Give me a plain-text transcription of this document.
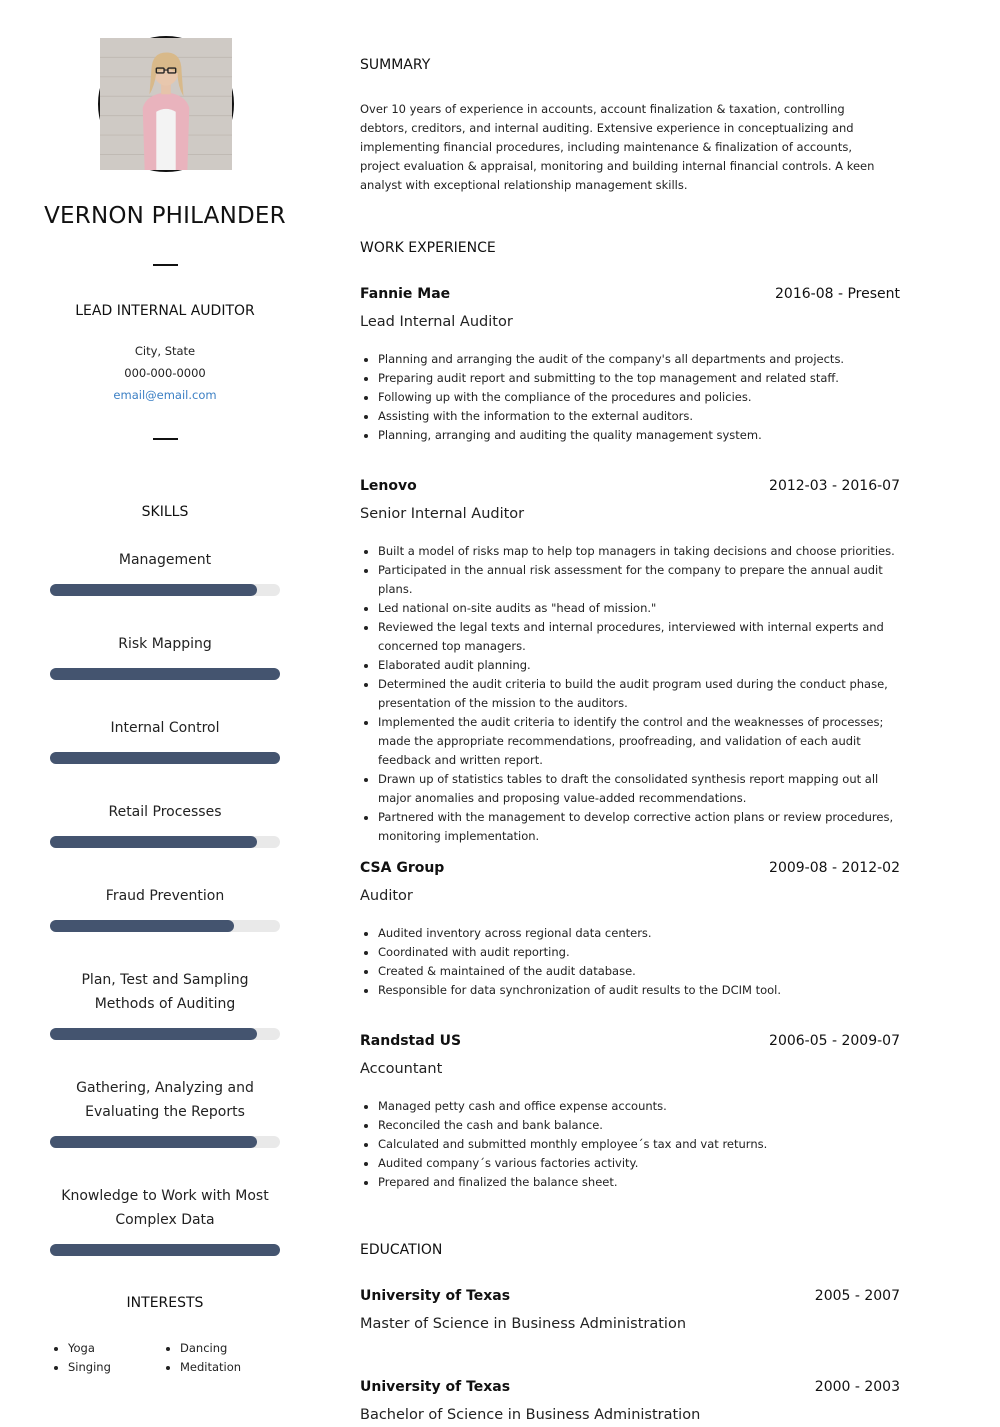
VERNON PHILANDER
LEAD INTERNAL AUDITOR
City, State
000-000-0000
email@email.com
SKILLS
Management
Risk Mapping
Internal Control
Retail Processes
Fraud Prevention
Plan, Test and Sampling Methods of Auditing
Gathering, Analyzing and Evaluating the Reports
Knowledge to Work with Most Complex Data
INTERESTS
Yoga
Singing
Dancing
Meditation
SUMMARY

Over 10 years of experience in accounts, account finalization & taxation, controlling debtors, creditors, and internal auditing. Extensive experience in conceptualizing and implementing financial procedures, including maintenance & finalization of accounts, project evaluation & appraisal, monitoring and building internal financial controls. A keen analyst with exceptional relationship management skills.

WORK EXPERIENCE
Fannie Mae	2016-08 - Present
Lead Internal Auditor
Planning and arranging the audit of the company's all departments and projects.
Preparing audit report and submitting to the top management and related staff.
Following up with the compliance of the procedures and policies.
Assisting with the information to the external auditors.
Planning, arranging and auditing the quality management system.
Lenovo	2012-03 - 2016-07
Senior Internal Auditor
Built a model of risks map to help top managers in taking decisions and choose priorities.
Participated in the annual risk assessment for the company to prepare the annual audit plans.
Led national on-site audits as "head of mission."
Reviewed the legal texts and internal procedures, interviewed with internal experts and concerned top managers.
Elaborated audit planning.
Determined the audit criteria to build the audit program used during the conduct phase, presentation of the mission to the auditors.
Implemented the audit criteria to identify the control and the weaknesses of processes; made the appropriate recommendations, proofreading, and validation of each audit feedback and written report.
Drawn up of statistics tables to draft the consolidated synthesis report mapping out all major anomalies and proposing value-added recommendations.
Partnered with the management to develop corrective action plans or review procedures, monitoring implementation.
CSA Group	2009-08 - 2012-02
Auditor
Audited inventory across regional data centers.
Coordinated with audit reporting.
Created & maintained of the audit database.
Responsible for data synchronization of audit results to the DCIM tool.
Randstad US	2006-05 - 2009-07
Accountant
Managed petty cash and office expense accounts.
Reconciled the cash and bank balance.
Calculated and submitted monthly employee´s tax and vat returns.
Audited company´s various factories activity.
Prepared and finalized the balance sheet.
EDUCATION
University of Texas	2005 - 2007
Master of Science in Business Administration
University of Texas	2000 - 2003
Bachelor of Science in Business Administration
